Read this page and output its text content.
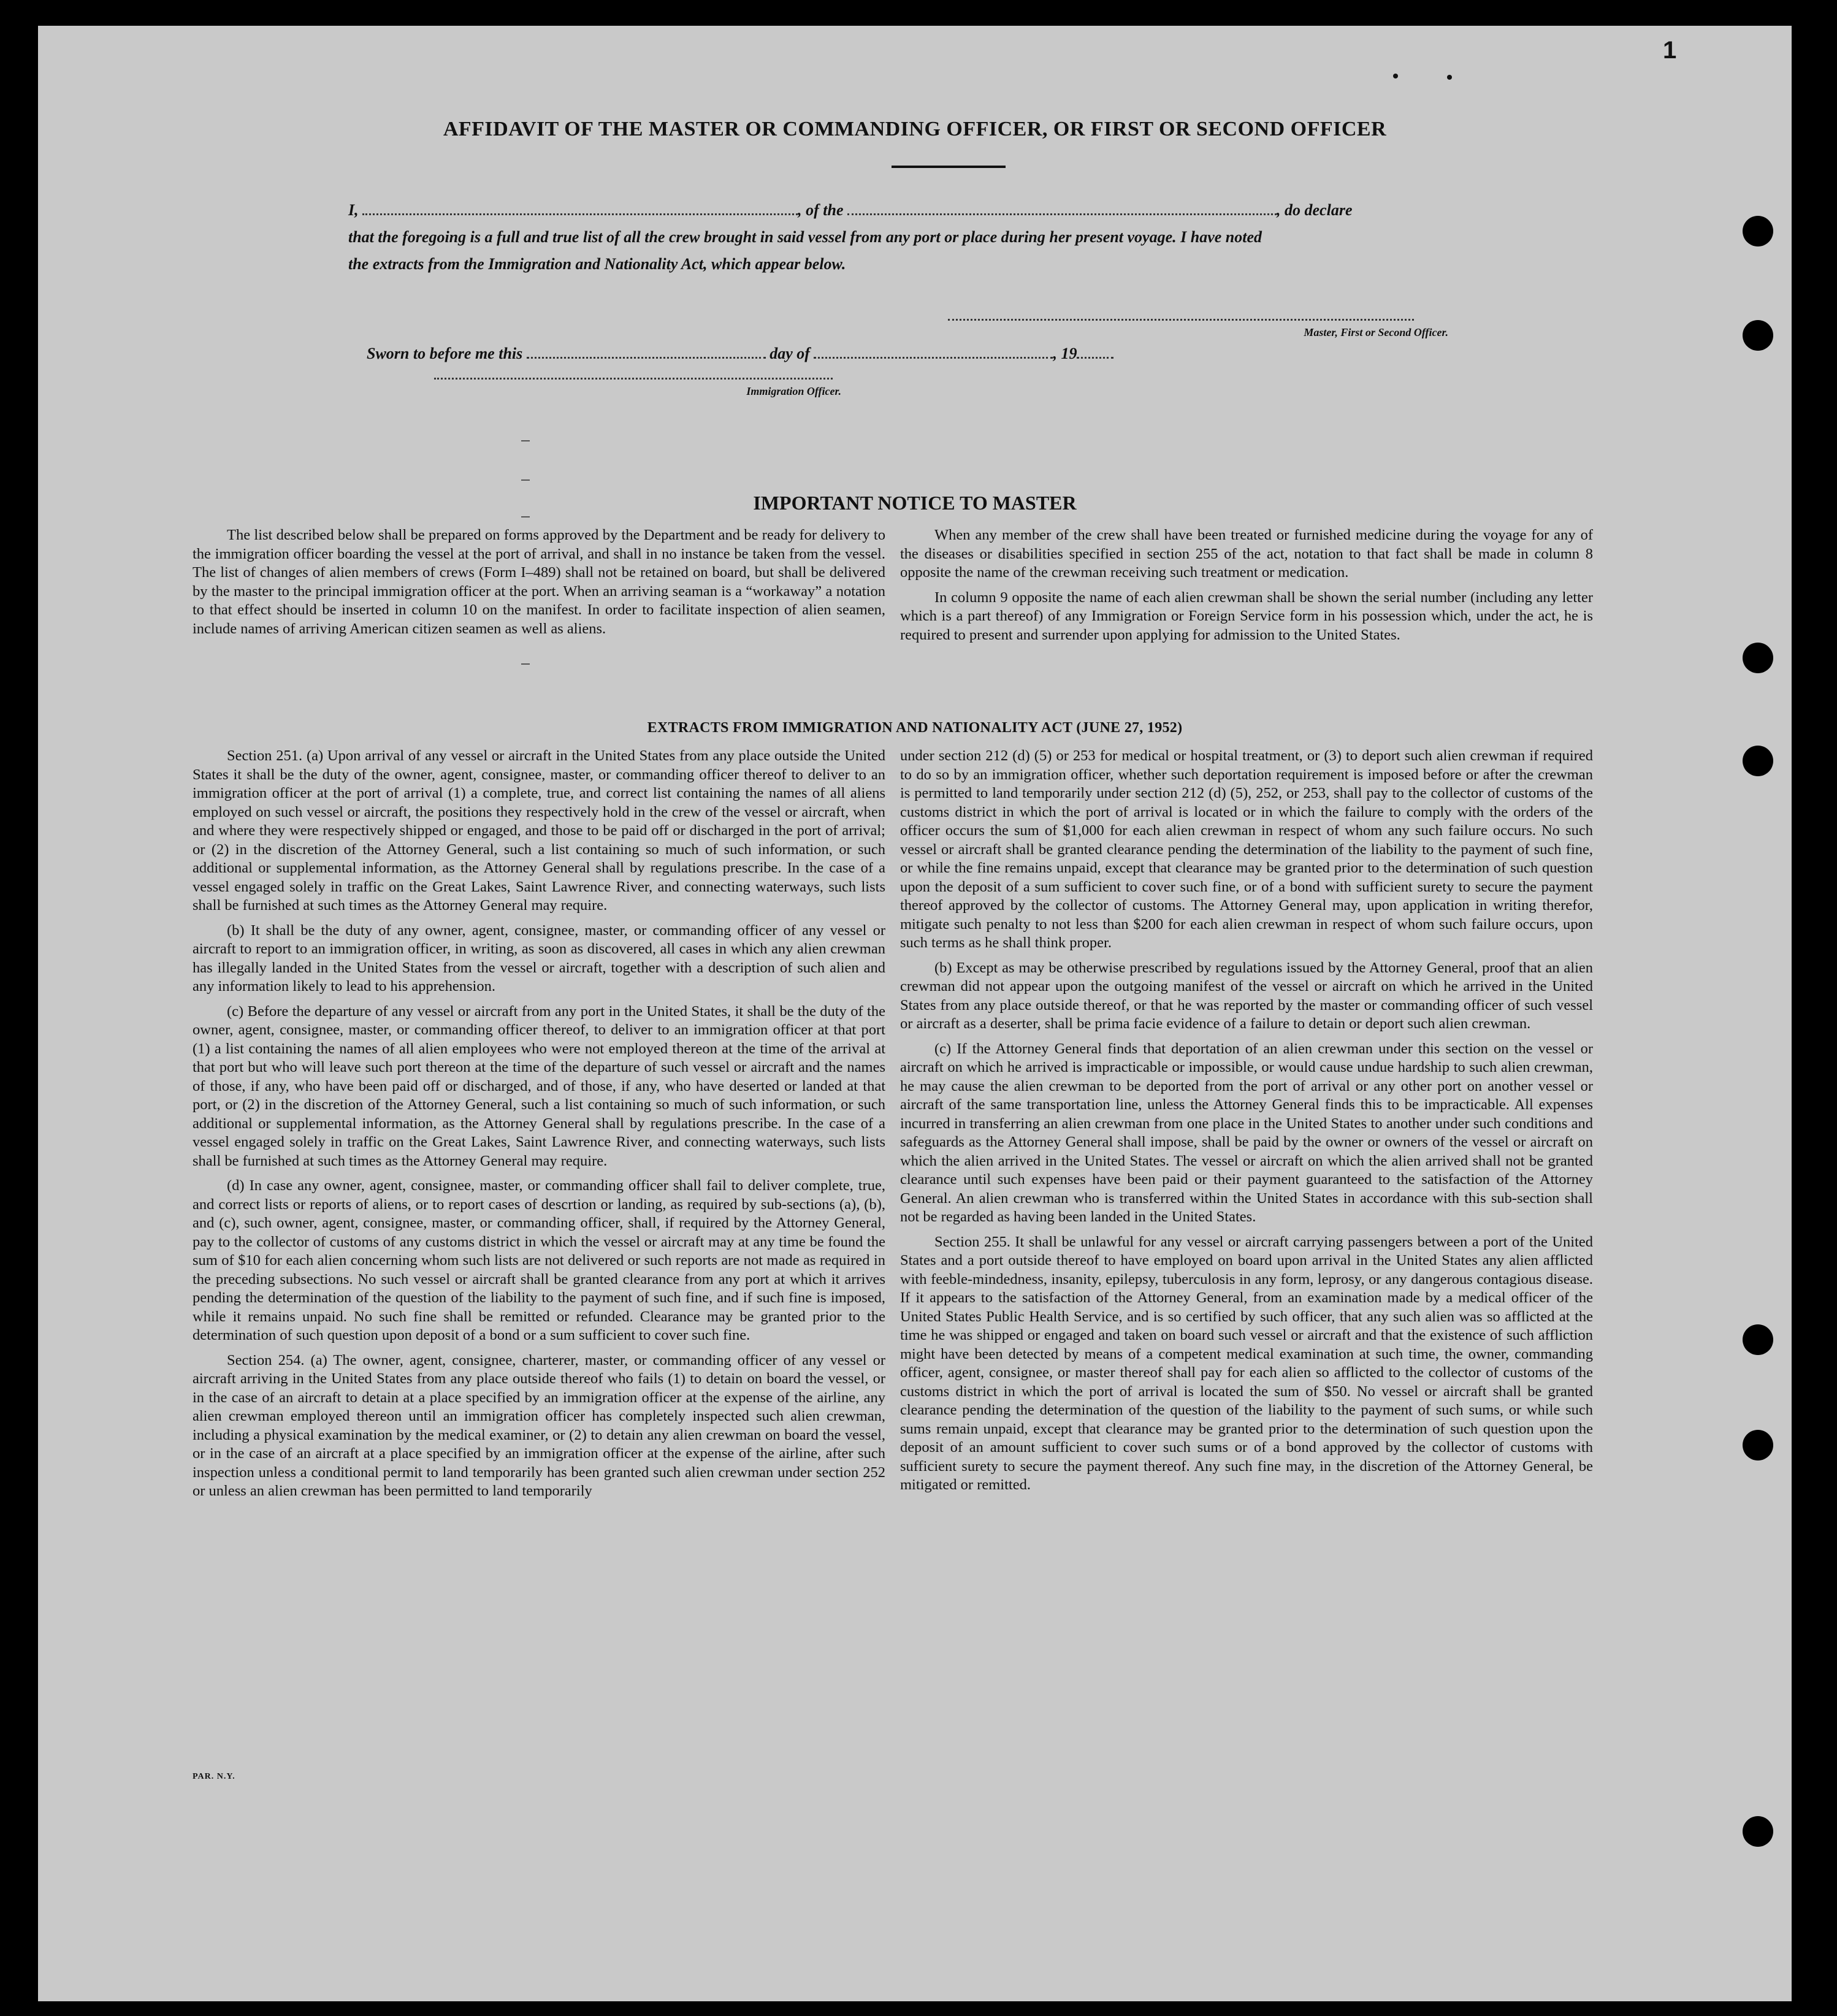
1
AFFIDAVIT OF THE MASTER OR COMMANDING OFFICER, OR FIRST OR SECOND OFFICER
I,	, of the	, do declare
that the foregoing is a full and true list of all the crew brought in said vessel from any port or place during her present voyage. I have noted
the extracts from the Immigration and Nationality Act, which appear below.
Master, First or Second Officer.
Sworn to before me this	day of	, 19
Immigration Officer.
IMPORTANT NOTICE TO MASTER

The list described below shall be prepared on forms approved by the Department and be ready for delivery to the immigration officer boarding the vessel at the port of arrival, and shall in no instance be taken from the vessel. The list of changes of alien members of crews (Form I–489) shall not be retained on board, but shall be delivered by the master to the principal immigration officer at the port. When an arriving seaman is a “workaway” a notation to that effect should be inserted in column 10 on the manifest. In order to facilitate inspection of alien seamen, include names of arriving American citizen seamen as well as aliens.

When any member of the crew shall have been treated or furnished medicine during the voyage for any of the diseases or disabilities specified in section 255 of the act, notation to that fact shall be made in column 8 opposite the name of the crewman receiving such treatment or medication.

In column 9 opposite the name of each alien crewman shall be shown the serial number (including any letter which is a part thereof) of any Immigration or Foreign Service form in his possession which, under the act, he is required to present and surrender upon applying for admission to the United States.

EXTRACTS FROM IMMIGRATION AND NATIONALITY ACT (JUNE 27, 1952)

Section 251. (a) Upon arrival of any vessel or aircraft in the United States from any place outside the United States it shall be the duty of the owner, agent, consignee, master, or commanding officer thereof to deliver to an immigration officer at the port of arrival (1) a complete, true, and correct list containing the names of all aliens employed on such vessel or aircraft, the positions they respectively hold in the crew of the vessel or aircraft, when and where they were respectively shipped or engaged, and those to be paid off or discharged in the port of arrival; or (2) in the discretion of the Attorney General, such a list containing so much of such information, or such additional or supplemental information, as the Attorney General shall by regulations prescribe. In the case of a vessel engaged solely in traffic on the Great Lakes, Saint Lawrence River, and connecting waterways, such lists shall be furnished at such times as the Attorney General may require.

(b) It shall be the duty of any owner, agent, consignee, master, or commanding officer of any vessel or aircraft to report to an immigration officer, in writing, as soon as discovered, all cases in which any alien crewman has illegally landed in the United States from the vessel or aircraft, together with a description of such alien and any information likely to lead to his apprehension.

(c) Before the departure of any vessel or aircraft from any port in the United States, it shall be the duty of the owner, agent, consignee, master, or commanding officer thereof, to deliver to an immigration officer at that port (1) a list containing the names of all alien employees who were not employed thereon at the time of the arrival at that port but who will leave such port thereon at the time of the departure of such vessel or aircraft and the names of those, if any, who have been paid off or discharged, and of those, if any, who have deserted or landed at that port, or (2) in the discretion of the Attorney General, such a list containing so much of such information, or such additional or supplemental information, as the Attorney General shall by regulations prescribe. In the case of a vessel engaged solely in traffic on the Great Lakes, Saint Lawrence River, and connecting waterways, such lists shall be furnished at such times as the Attorney General may require.

(d) In case any owner, agent, consignee, master, or commanding officer shall fail to deliver complete, true, and correct lists or reports of aliens, or to report cases of descrtion or landing, as required by sub-sections (a), (b), and (c), such owner, agent, consignee, master, or commanding officer, shall, if required by the Attorney General, pay to the collector of customs of any customs district in which the vessel or aircraft may at any time be found the sum of $10 for each alien concerning whom such lists are not delivered or such reports are not made as required in the preceding subsections. No such vessel or aircraft shall be granted clearance from any port at which it arrives pending the determination of the question of the liability to the payment of such fine, and if such fine is imposed, while it remains unpaid. No such fine shall be remitted or refunded. Clearance may be granted prior to the determination of such question upon deposit of a bond or a sum sufficient to cover such fine.

Section 254. (a) The owner, agent, consignee, charterer, master, or commanding officer of any vessel or aircraft arriving in the United States from any place outside thereof who fails (1) to detain on board the vessel, or in the case of an aircraft to detain at a place specified by an immigration officer at the expense of the airline, any alien crewman employed thereon until an immigration officer has completely inspected such alien crewman, including a physical examination by the medical examiner, or (2) to detain any alien crewman on board the vessel, or in the case of an aircraft at a place specified by an immigration officer at the expense of the airline, after such inspection unless a conditional permit to land temporarily has been granted such alien crewman under section 252 or unless an alien crewman has been permitted to land temporarily

under section 212 (d) (5) or 253 for medical or hospital treatment, or (3) to deport such alien crewman if required to do so by an immigration officer, whether such deportation requirement is imposed before or after the crewman is permitted to land temporarily under section 212 (d) (5), 252, or 253, shall pay to the collector of customs of the customs district in which the port of arrival is located or in which the failure to comply with the orders of the officer occurs the sum of $1,000 for each alien crewman in respect of whom any such failure occurs. No such vessel or aircraft shall be granted clearance pending the determination of the liability to the payment of such fine, or while the fine remains unpaid, except that clearance may be granted prior to the determination of such question upon the deposit of a sum sufficient to cover such fine, or of a bond with sufficient surety to secure the payment thereof approved by the collector of customs. The Attorney General may, upon application in writing therefor, mitigate such penalty to not less than $200 for each alien crewman in respect of whom such failure occurs, upon such terms as he shall think proper.

(b) Except as may be otherwise prescribed by regulations issued by the Attorney General, proof that an alien crewman did not appear upon the outgoing manifest of the vessel or aircraft on which he arrived in the United States from any place outside thereof, or that he was reported by the master or commanding officer of such vessel or aircraft as a deserter, shall be prima facie evidence of a failure to detain or deport such alien crewman.

(c) If the Attorney General finds that deportation of an alien crewman under this section on the vessel or aircraft on which he arrived is impracticable or impossible, or would cause undue hardship to such alien crewman, he may cause the alien crewman to be deported from the port of arrival or any other port on another vessel or aircraft of the same transportation line, unless the Attorney General finds this to be impracticable. All expenses incurred in transferring an alien crewman from one place in the United States to another under such conditions and safeguards as the Attorney General shall impose, shall be paid by the owner or owners of the vessel or aircraft on which the alien arrived in the United States. The vessel or aircraft on which the alien arrived shall not be granted clearance until such expenses have been paid or their payment guaranteed to the satisfaction of the Attorney General. An alien crewman who is transferred within the United States in accordance with this sub-section shall not be regarded as having been landed in the United States.

Section 255. It shall be unlawful for any vessel or aircraft carrying passengers between a port of the United States and a port outside thereof to have employed on board upon arrival in the United States any alien afflicted with feeble-mindedness, insanity, epilepsy, tuberculosis in any form, leprosy, or any dangerous contagious disease. If it appears to the satisfaction of the Attorney General, from an examination made by a medical officer of the United States Public Health Service, and is so certified by such officer, that any such alien was so afflicted at the time he was shipped or engaged and taken on board such vessel or aircraft and that the existence of such affliction might have been detected by means of a competent medical examination at such time, the owner, commanding officer, agent, consignee, or master thereof shall pay for each alien so afflicted to the collector of customs of the customs district in which the port of arrival is located the sum of $50. No vessel or aircraft shall be granted clearance pending the determination of the question of the liability to the payment of such sums, or while such sums remain unpaid, except that clearance may be granted prior to the determination of such question upon the deposit of an amount sufficient to cover such sums or of a bond approved by the collector of customs with sufficient surety to secure the payment thereof. Any such fine may, in the discretion of the Attorney General, be mitigated or remitted.

PAR. N.Y.
